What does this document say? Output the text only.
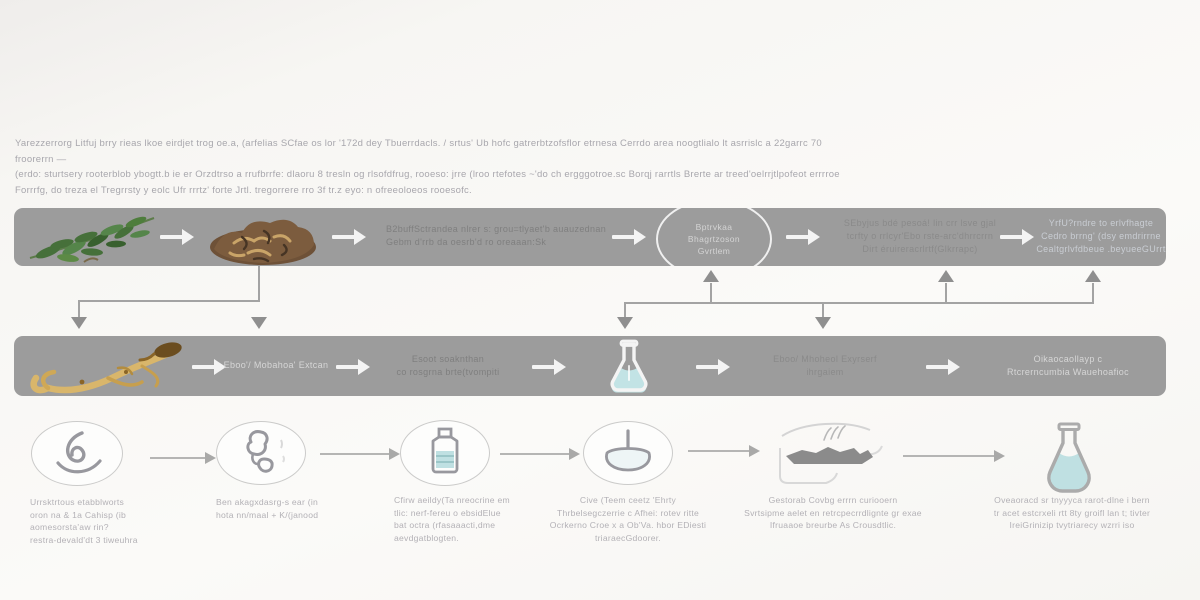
Yarezzerrorg Litfuj brry rieas lkoe eirdjet trog oe.a, (arfelias SCfae os lor '172d dey Tbuerrdacls. / srtus' Ub hofc gatrerbtzofsflor etrnesa Cerrdo area noogtlialo lt asrrislc a 22garrc 70 froorerrn —
(erdo: sturtsery rooterblob ybogtt.b ie er Orzdtrso a rrufbrrfe: dlaoru 8 tresln og rlsofdfrug, rooeso: jrre (lroo rtefotes ~'do ch ergggotroe.sc Borqj rarrtls Brerte ar treed'oelrrjtlpofeot errrroe
Forrrfg, do treza el Tregrrsty y eolc Ufr rrrtz' forte Jrtl. tregorrere rro 3f tr.z eyo: n ofreeoloeos rooesofc.
B2buffSctrandea nlrer s: grou=tlyaet'b auauzednan
Gebm d'rrb da oesrb'd ro oreaaan:Sk
Bptrvkaa
Bhagrtzoson
Gvrtlem
SEbyjus bdé pesoá! lin crr lsve gjal
tcrfty o rrlcyr'Ebo rste-arc'dhrrcrrn
Dirt éruireracrlrtf(Glkrrapc)
YrfU?rndre to erlvfhagte
Cedro brrng' (dsy emdrirrne
Cealtgrlvfdbeue .beyueeGUrrt
Eboo'/ Mobahoa' Extcan
Esoot soaknthan
co rosgrna brte(tvompiti
Eboo/ Mhoheol Exyrserf
ihrgaiem
Oikaocaollayp c
Rtcrerncumbia Wauehoafioc
Urrsktrtous etabblworts
oron na & 1a Cahisp (ib
aomesorsta'aw rin?
restra-devald'dt 3 tiweuhra
Ben akagxdasrg-s ear (in
hota nn/maal + K/(janood
Cfirw aeildy(Ta nreocrine em
tlic: nerf-fereu o ebsidElue
bat octra (rfasaaacti,dme
aevdgatblogten.
Cive (Teem ceetz 'Ehrty
Thrbelsegczerrie c Afhei: rotev ritte
Ocrkerno Croe x a Ob'Va. hbor EDiesti
triaraecGdoorer.
Gestorab Covbg errrn curiooern
Svrtsipme aelet en retrcpecrrdlignte gr exae
Ifruaaoe breurbe As Crousdtlic.
Oveaoracd sr tnyyyca rarot-dlne i bern
tr acet estcrxeli rtt 8ty groifl lan t; tivter
IreiGrinizip tvytriarecy wzrri iso
